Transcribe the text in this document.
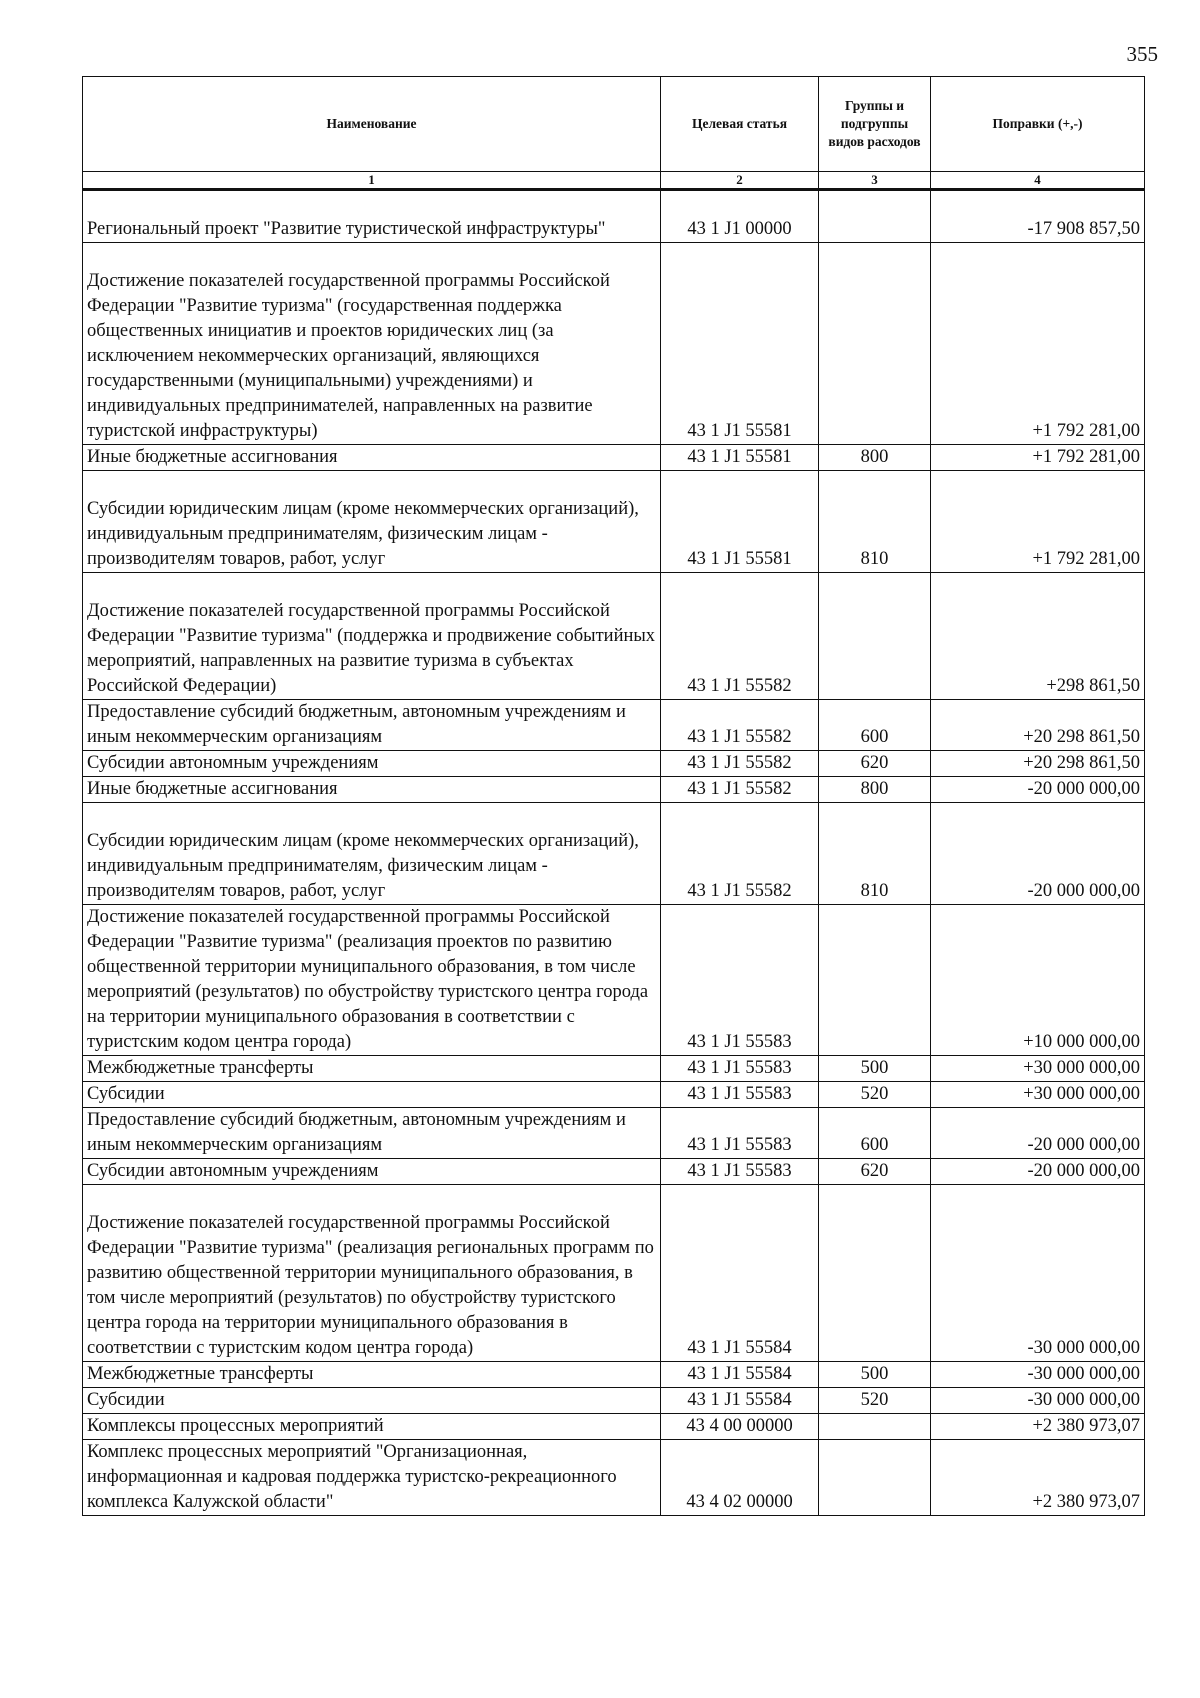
355
Наименование	Целевая статья	Группы и подгруппы видов расходов	Поправки (+,-)
1	2	3	4
Региональный проект "Развитие туристической инфраструктуры"	43 1 J1 00000		-17 908 857,50
Достижение показателей государственной программы Российской Федерации "Развитие туризма" (государственная поддержка общественных инициатив и проектов юридических лиц (за исключением некоммерческих организаций, являющихся государственными (муниципальными) учреждениями) и индивидуальных предпринимателей, направленных на развитие туристской инфраструктуры)	43 1 J1 55581		+1 792 281,00
Иные бюджетные ассигнования	43 1 J1 55581	800	+1 792 281,00
Субсидии юридическим лицам (кроме некоммерческих организаций), индивидуальным предпринимателям, физическим лицам - производителям товаров, работ, услуг	43 1 J1 55581	810	+1 792 281,00
Достижение показателей государственной программы Российской Федерации "Развитие туризма" (поддержка и продвижение событийных мероприятий, направленных на развитие туризма в субъектах Российской Федерации)	43 1 J1 55582		+298 861,50
Предоставление субсидий бюджетным, автономным учреждениям и иным некоммерческим организациям	43 1 J1 55582	600	+20 298 861,50
Субсидии автономным учреждениям	43 1 J1 55582	620	+20 298 861,50
Иные бюджетные ассигнования	43 1 J1 55582	800	-20 000 000,00
Субсидии юридическим лицам (кроме некоммерческих организаций), индивидуальным предпринимателям, физическим лицам - производителям товаров, работ, услуг	43 1 J1 55582	810	-20 000 000,00
Достижение показателей государственной программы Российской Федерации "Развитие туризма" (реализация проектов по развитию общественной территории муниципального образования, в том числе мероприятий (результатов) по обустройству туристского центра города на территории муниципального образования в соответствии с туристским кодом центра города)	43 1 J1 55583		+10 000 000,00
Межбюджетные трансферты	43 1 J1 55583	500	+30 000 000,00
Субсидии	43 1 J1 55583	520	+30 000 000,00
Предоставление субсидий бюджетным, автономным учреждениям и иным некоммерческим организациям	43 1 J1 55583	600	-20 000 000,00
Субсидии автономным учреждениям	43 1 J1 55583	620	-20 000 000,00
Достижение показателей государственной программы Российской Федерации "Развитие туризма" (реализация региональных программ по развитию общественной территории муниципального образования, в том числе мероприятий (результатов) по обустройству туристского центра города на территории муниципального образования в соответствии с туристским кодом центра города)	43 1 J1 55584		-30 000 000,00
Межбюджетные трансферты	43 1 J1 55584	500	-30 000 000,00
Субсидии	43 1 J1 55584	520	-30 000 000,00
Комплексы процессных мероприятий	43 4 00 00000		+2 380 973,07
Комплекс процессных мероприятий "Организационная, информационная и кадровая поддержка туристско-рекреационного комплекса Калужской области"	43 4 02 00000		+2 380 973,07
